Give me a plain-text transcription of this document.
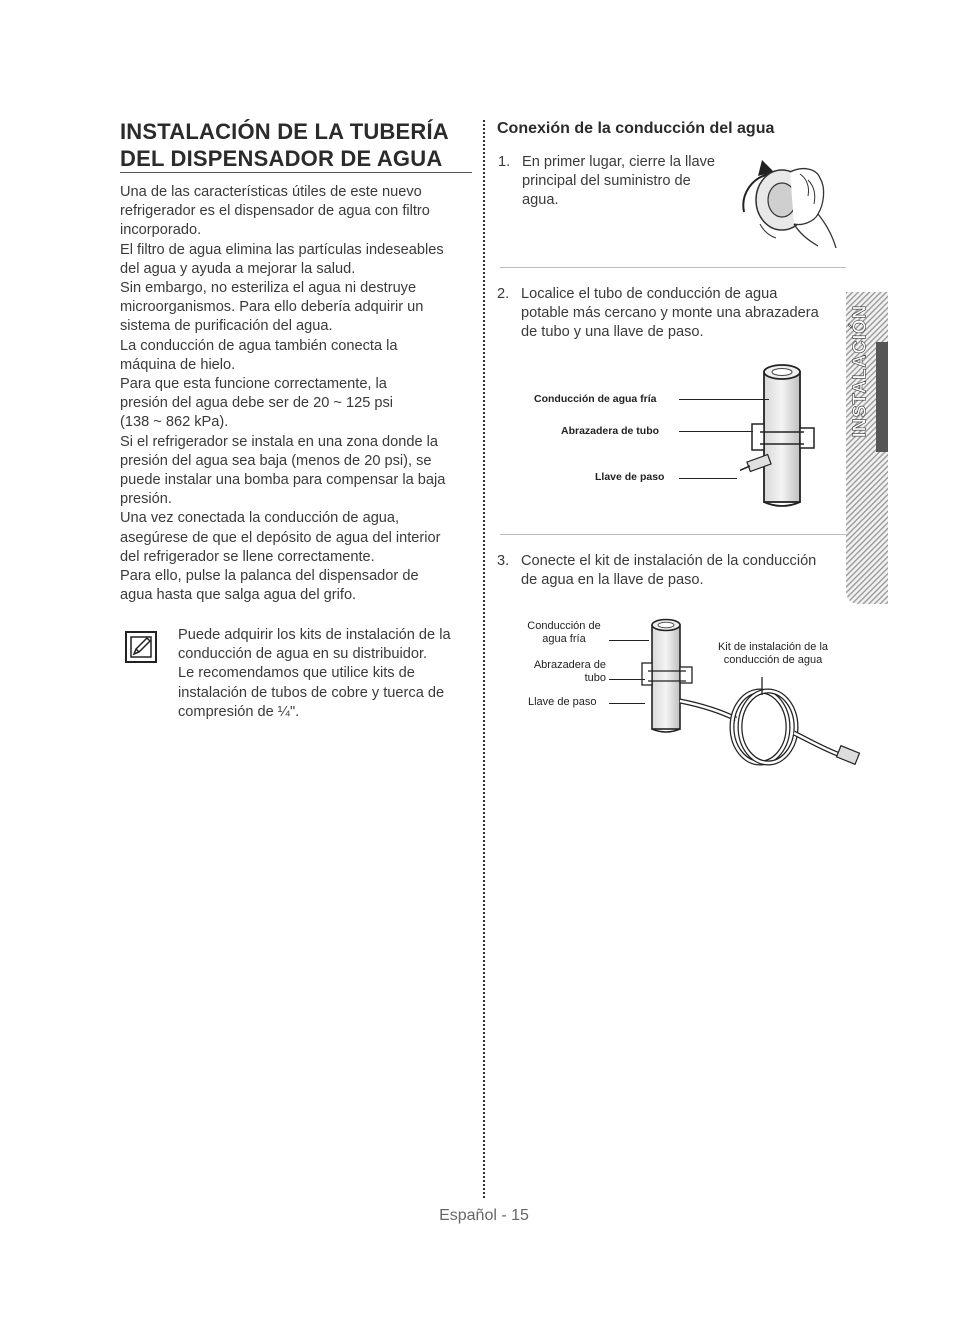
INSTALACIÓN DE LA TUBERÍA
DEL DISPENSADOR DE AGUA

Una de las características útiles de este nuevo

refrigerador es el dispensador de agua con filtro

incorporado.

El filtro de agua elimina las partículas indeseables

del agua y ayuda a mejorar la salud.

Sin embargo, no esteriliza el agua ni destruye

microorganismos. Para ello debería adquirir un

sistema de purificación del agua.

La conducción de agua también conecta la

máquina de hielo.

Para que esta funcione correctamente, la

presión del agua debe ser de 20 ~ 125 psi

(138 ~ 862 kPa).

Si el refrigerador se instala en una zona donde la

presión del agua sea baja (menos de 20 psi), se

puede instalar una bomba para compensar la baja

presión.

Una vez conectada la conducción de agua,

asegúrese de que el depósito de agua del interior

del refrigerador se llene correctamente.

Para ello, pulse la palanca del dispensador de

agua hasta que salga agua del grifo.

Puede adquirir los kits de instalación de la

conducción de agua en su distribuidor.

Le recomendamos que utilice kits de

instalación de tubos de cobre y tuerca de

compresión de ¼".

Conexión de la conducción del agua
1. En primer lugar, cierre la llave
principal del suministro de
agua.
2. Localice el tubo de conducción de agua
potable más cercano y monte una abrazadera
de tubo y una llave de paso.
Conducción de agua fría
Abrazadera de tubo
Llave de paso
3. Conecte el kit de instalación de la conducción
de agua en la llave de paso.
Conducción de
agua fría
Abrazadera de
tubo
Llave de paso
Kit de instalación de la
conducción de agua
INSTALACIÓN
Español - 15
